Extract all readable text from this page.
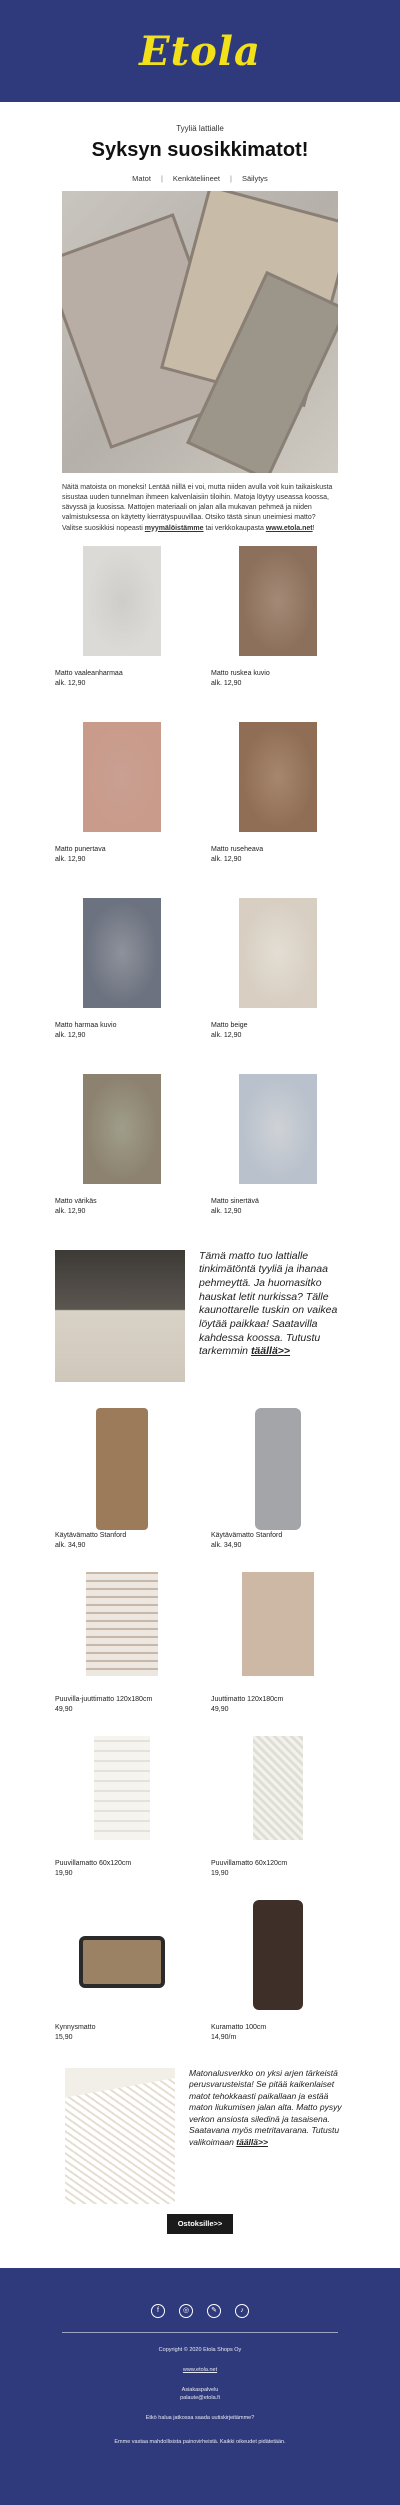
Etola
Tyyliä lattialle
Syksyn suosikkimatot!
Matot | Kenkäteliineet | Säilytys

Näitä matoista on moneksi! Lentää niillä ei voi, mutta niiden avulla voit kuin taikaiskusta sisustaa uuden tunnelman ihmeen kalvenlaisiin tiloihin. Matoja löytyy useassa koossa, sävyssä ja kuosissa. Mattojen materiaali on jalan alla mukavan pehmeä ja niiden valmistuksessa on käytetty kierrätyspuuvillaa. Otsiko tästä sinun uneimiesi matto? Valitse suosikkisi nopeasti myymälöistämme tai verkkokaupasta www.etola.net!

Matto vaaleanharmaa
alk. 12,90
Matto ruskea kuvio
alk. 12,90
Matto punertava
alk. 12,90
Matto ruseheava
alk. 12,90
Matto harmaa kuvio
alk. 12,90
Matto beige
alk. 12,90
Matto värikäs
alk. 12,90
Matto sinertävä
alk. 12,90
Tämä matto tuo lattialle tinkimätöntä tyyliä ja ihanaa pehmeyttä. Ja huomasitko hauskat letit nurkissa? Tälle kaunottarelle tuskin on vaikea löytää paikkaa! Saatavilla kahdessa koossa. Tutustu tarkemmin täällä>>
Käytävämatto Stanford
alk. 34,90
Käytävämatto Stanford
alk. 34,90
Puuvilla-juuttimatto 120x180cm
49,90
Juuttimatto 120x180cm
49,90
Puuvillamatto 60x120cm
19,90
Puuvillamatto 60x120cm
19,90
Kynnysmatto
15,90
Kuramatto 100cm
14,90/m
Matonalusverkko on yksi arjen tärkeistä perusvarusteista! Se pitää kaikenlaiset matot tehokkaasti paikallaan ja estää maton liukumisen jalan alta. Matto pysyy verkon ansiosta siledinä ja tasaisena. Saatavana myös metritavarana. Tutustu valikoimaan täällä>>
Ostoksille>>
f	◎	✎	♪
Copyright © 2020 Etola Shops Oy
www.etola.net
Asiakaspalvelu
palaute@etola.fi
Etkö halua jatkossa saada uutiskirjeitämme?
Emme vastaa mahdollisista painovirheistä. Kaikki oikeudet pidätetään.
